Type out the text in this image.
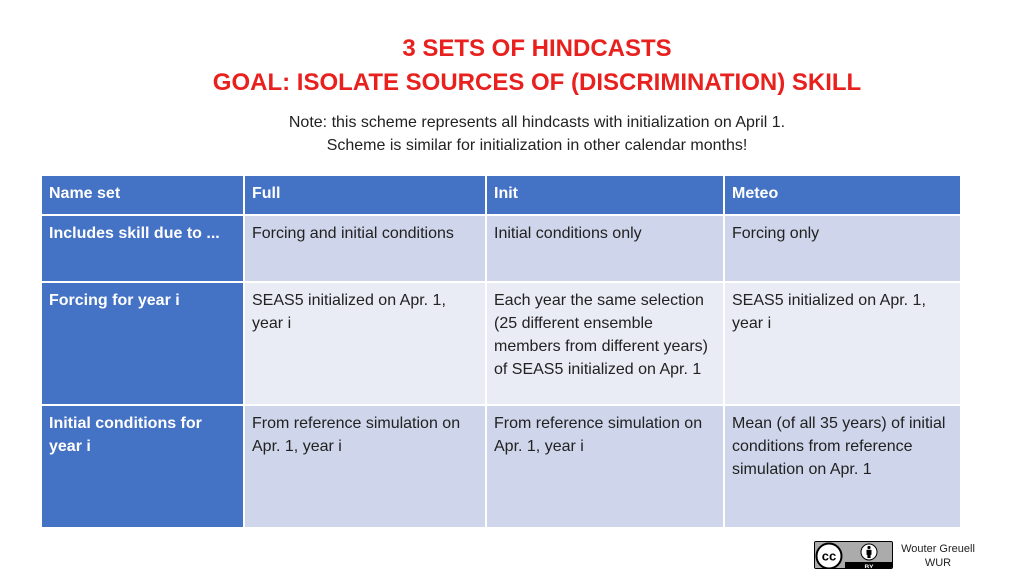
3 SETS OF HINDCASTS
GOAL: ISOLATE SOURCES OF (DISCRIMINATION) SKILL
Note: this scheme represents all hindcasts with initialization on April 1.
Scheme is similar for initialization in other calendar months!
Name set	Full	Init	Meteo
Includes skill due to ...	Forcing and initial conditions	Initial conditions only	Forcing only
Forcing for year i	SEAS5 initialized on Apr. 1, year i	Each year the same selection (25 different ensemble members from different years) of SEAS5 initialized on Apr. 1	SEAS5 initialized on Apr. 1, year i
Initial conditions for year i	From reference simulation on Apr. 1, year i	From reference simulation on Apr. 1, year i	Mean (of all 35 years) of initial conditions from reference simulation on Apr. 1
cc
BY
Wouter Greuell
WUR
